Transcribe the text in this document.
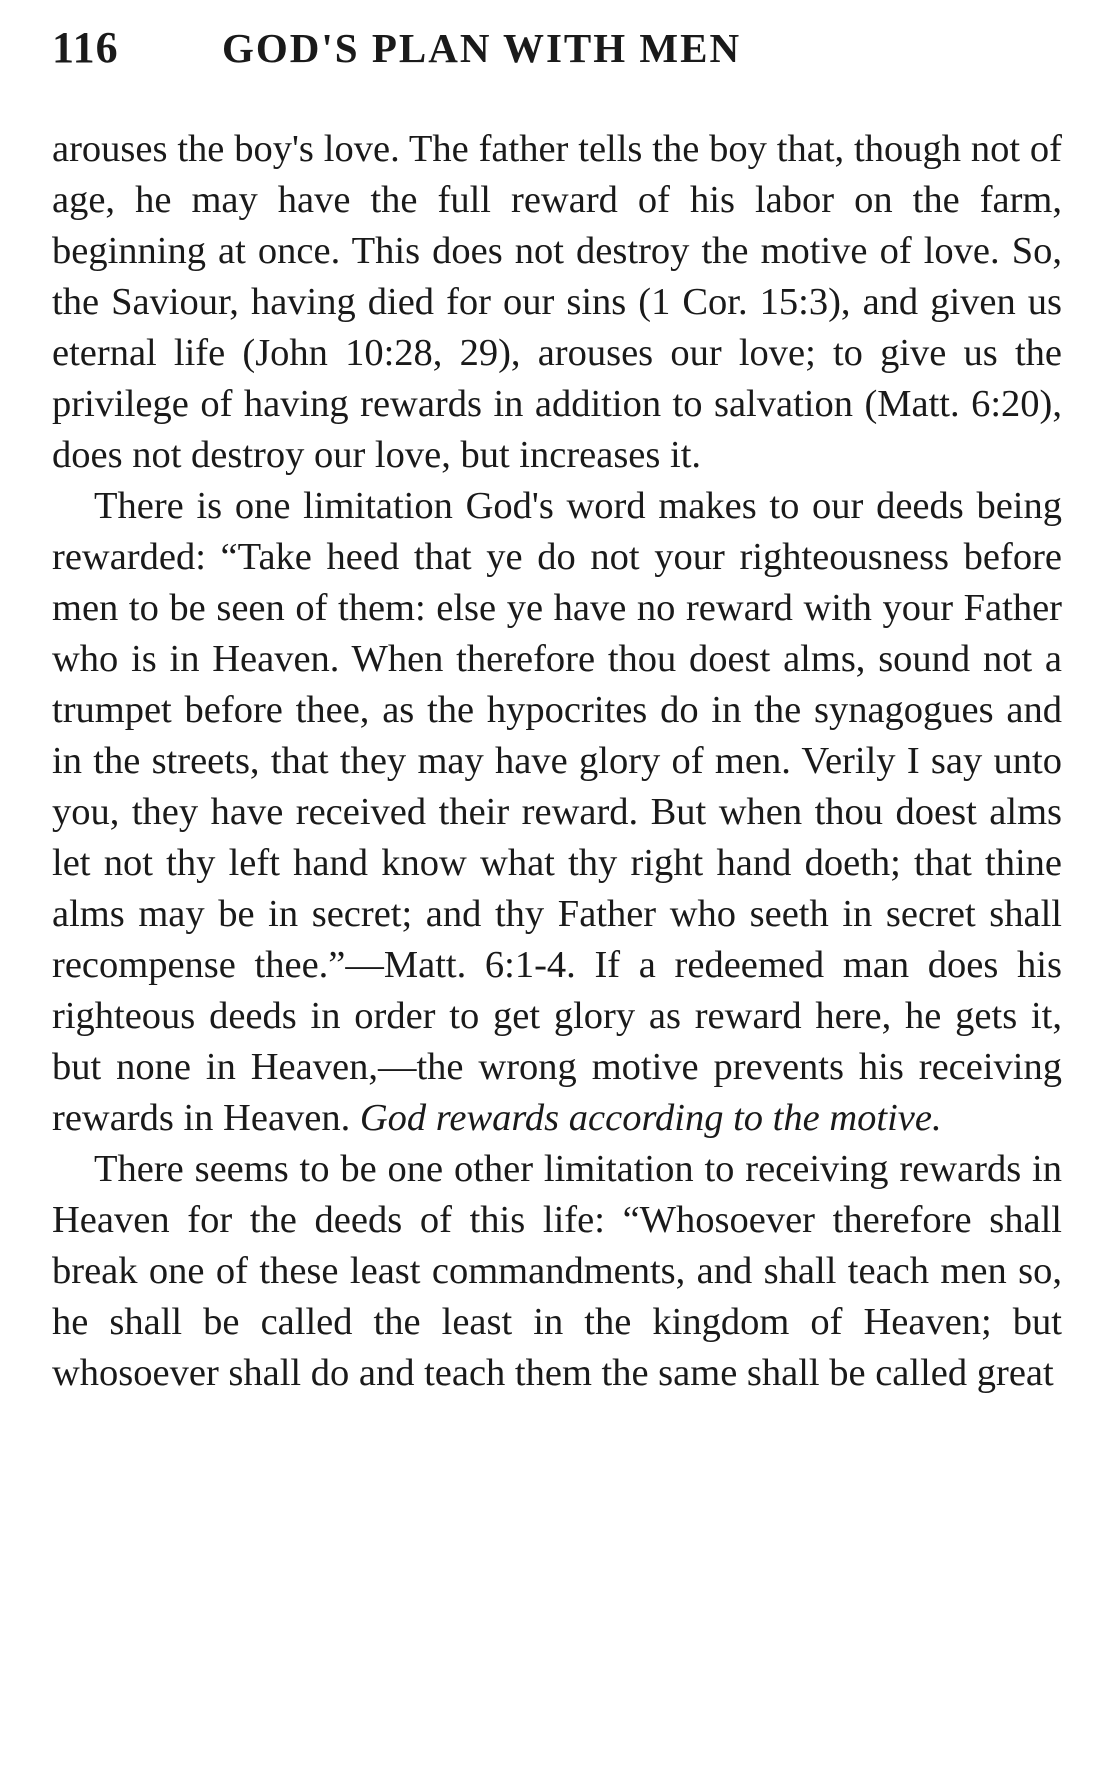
116	GOD'S PLAN WITH MEN

arouses the boy's love. The father tells the boy that, though not of age, he may have the full reward of his labor on the farm, beginning at once. This does not destroy the motive of love. So, the Saviour, having died for our sins (1 Cor. 15:3), and given us eternal life (John 10:28, 29), arouses our love; to give us the privilege of having rewards in addition to salvation (Matt. 6:20), does not destroy our love, but increases it.

There is one limitation God's word makes to our deeds being rewarded: “Take heed that ye do not your righteousness before men to be seen of them: else ye have no reward with your Father who is in Heaven. When therefore thou doest alms, sound not a trumpet before thee, as the hypocrites do in the synagogues and in the streets, that they may have glory of men. Verily I say unto you, they have received their reward. But when thou doest alms let not thy left hand know what thy right hand doeth; that thine alms may be in secret; and thy Father who seeth in secret shall recompense thee.”—Matt. 6:1-4. If a redeemed man does his righteous deeds in order to get glory as reward here, he gets it, but none in Heaven,—the wrong motive prevents his receiving rewards in Heaven. God rewards according to the motive.

There seems to be one other limitation to receiving rewards in Heaven for the deeds of this life: “Whosoever therefore shall break one of these least commandments, and shall teach men so, he shall be called the least in the kingdom of Heaven; but whosoever shall do and teach them the same shall be called great
